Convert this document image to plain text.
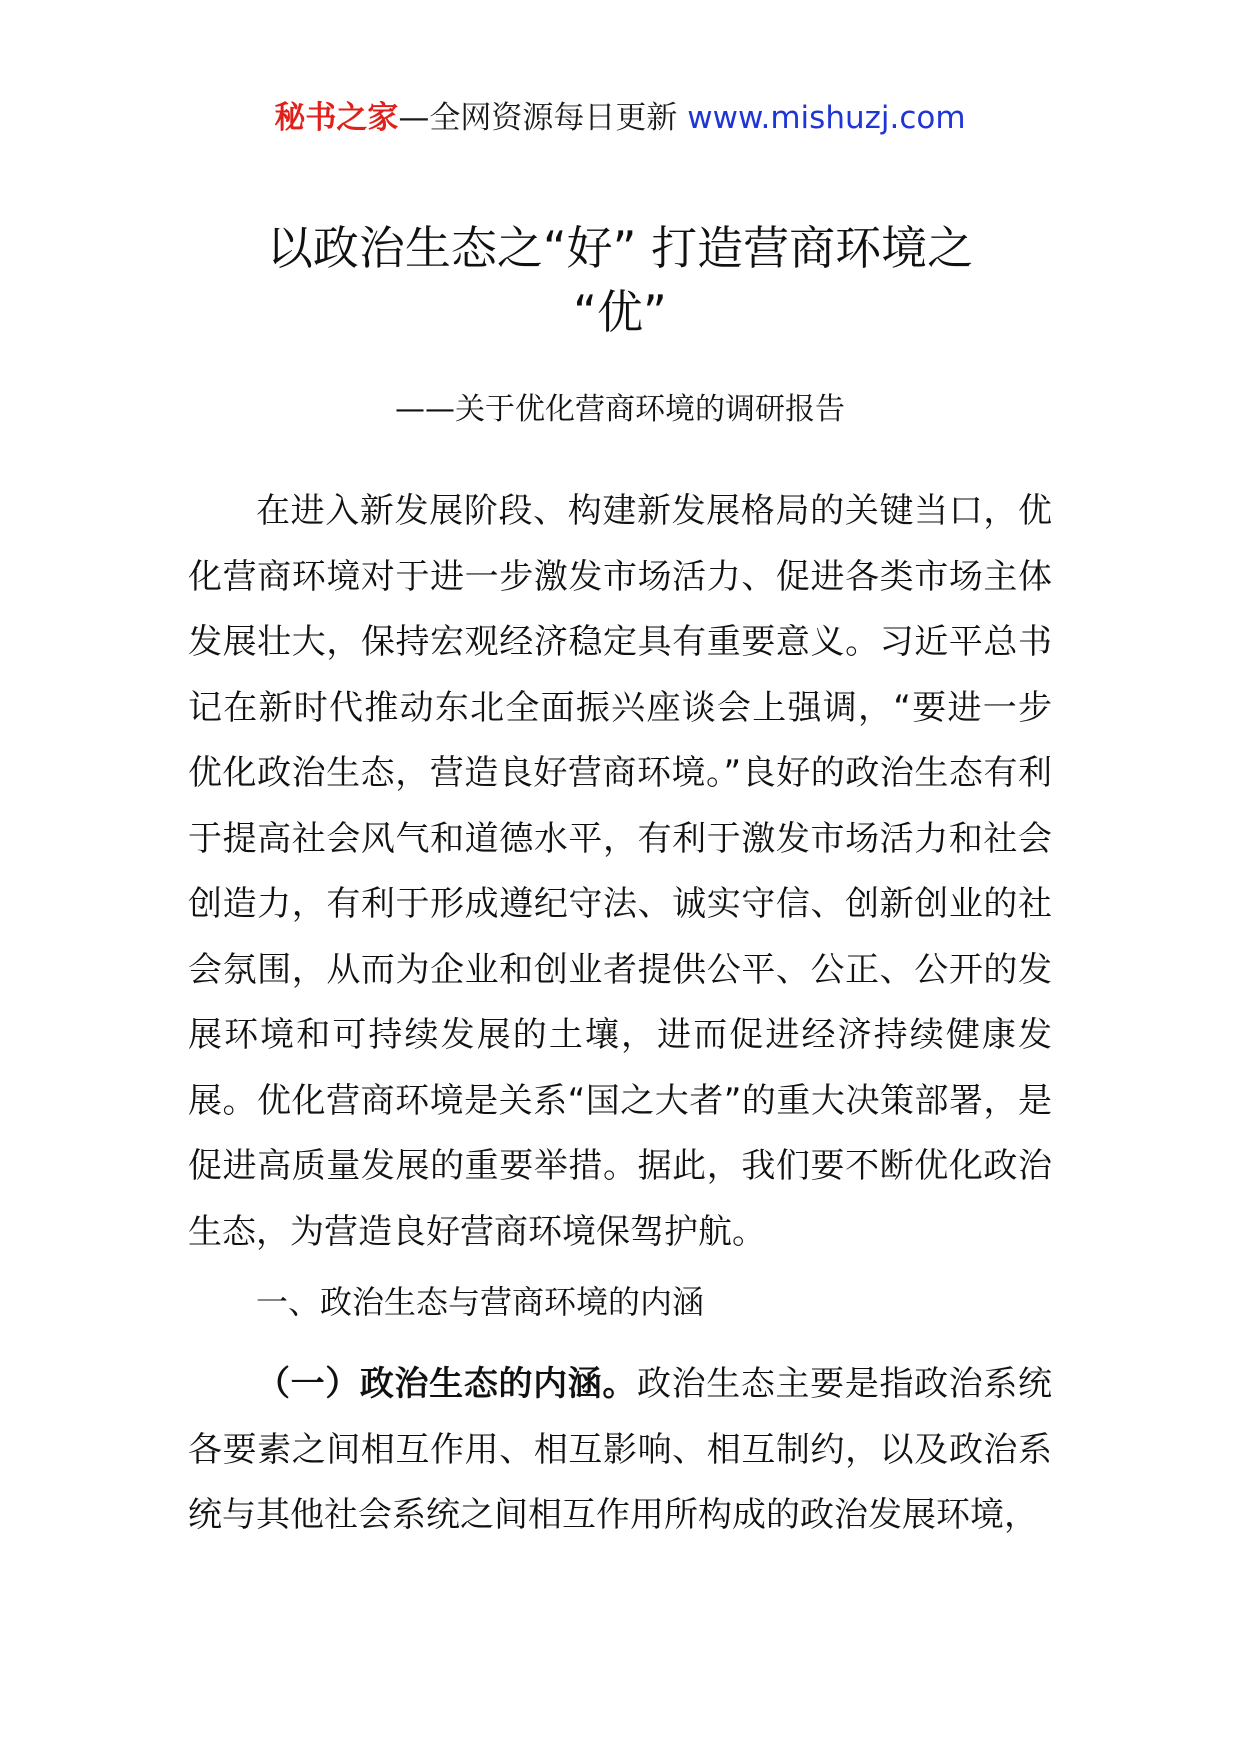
秘书之家—全网资源每日更新 www.mishuzj.com
以政治生态之“好” 打造营商环境之
“优”
——关于优化营商环境的调研报告

在进入新发展阶段、构建新发展格局的关键当口，优化营商环境对于进一步激发市场活力、促进各类市场主体发展壮大，保持宏观经济稳定具有重要意义。习近平总书记在新时代推动东北全面振兴座谈会上强调，“要进一步优化政治生态，营造良好营商环境。”良好的政治生态有利于提高社会风气和道德水平，有利于激发市场活力和社会创造力，有利于形成遵纪守法、诚实守信、创新创业的社会氛围，从而为企业和创业者提供公平、公正、公开的发展环境和可持续发展的土壤，进而促进经济持续健康发展。优化营商环境是关系“国之大者”的重大决策部署，是促进高质量发展的重要举措。据此，我们要不断优化政治生态，为营造良好营商环境保驾护航。

一、政治生态与营商环境的内涵

（一）政治生态的内涵。政治生态主要是指政治系统各要素之间相互作用、相互影响、相互制约，以及政治系统与其他社会系统之间相互作用所构成的政治发展环境，
